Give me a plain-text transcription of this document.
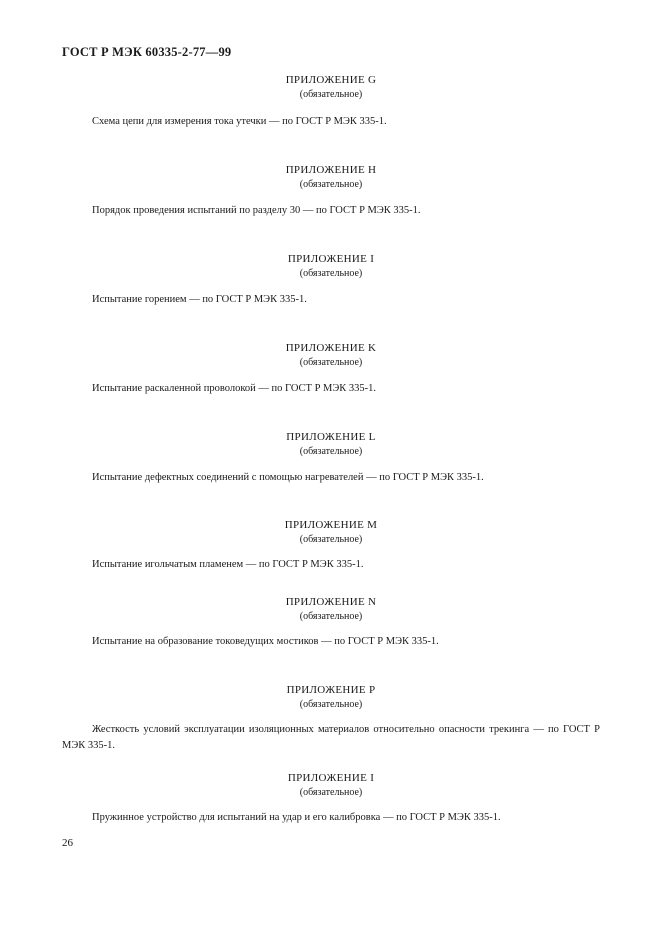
ГОСТ Р МЭК 60335-2-77—99
ПРИЛОЖЕНИЕ G
(обязательное)
Схема цепи для измерения тока утечки — по ГОСТ Р МЭК 335-1.
ПРИЛОЖЕНИЕ H
(обязательное)
Порядок проведения испытаний по разделу 30 — по ГОСТ Р МЭК 335-1.
ПРИЛОЖЕНИЕ I
(обязательное)
Испытание горением — по ГОСТ Р МЭК 335-1.
ПРИЛОЖЕНИЕ K
(обязательное)
Испытание раскаленной проволокой — по ГОСТ Р МЭК 335-1.
ПРИЛОЖЕНИЕ L
(обязательное)
Испытание дефектных соединений с помощью нагревателей — по ГОСТ Р МЭК 335-1.
ПРИЛОЖЕНИЕ M
(обязательное)
Испытание игольчатым пламенем — по ГОСТ Р МЭК 335-1.
ПРИЛОЖЕНИЕ N
(обязательное)
Испытание на образование токоведущих мостиков — по ГОСТ Р МЭК 335-1.
ПРИЛОЖЕНИЕ P
(обязательное)
Жесткость условий эксплуатации изоляционных материалов относительно опасности трекинга — по ГОСТ Р МЭК 335-1.
ПРИЛОЖЕНИЕ I
(обязательное)
Пружинное устройство для испытаний на удар и его калибровка — по ГОСТ Р МЭК 335-1.
26
